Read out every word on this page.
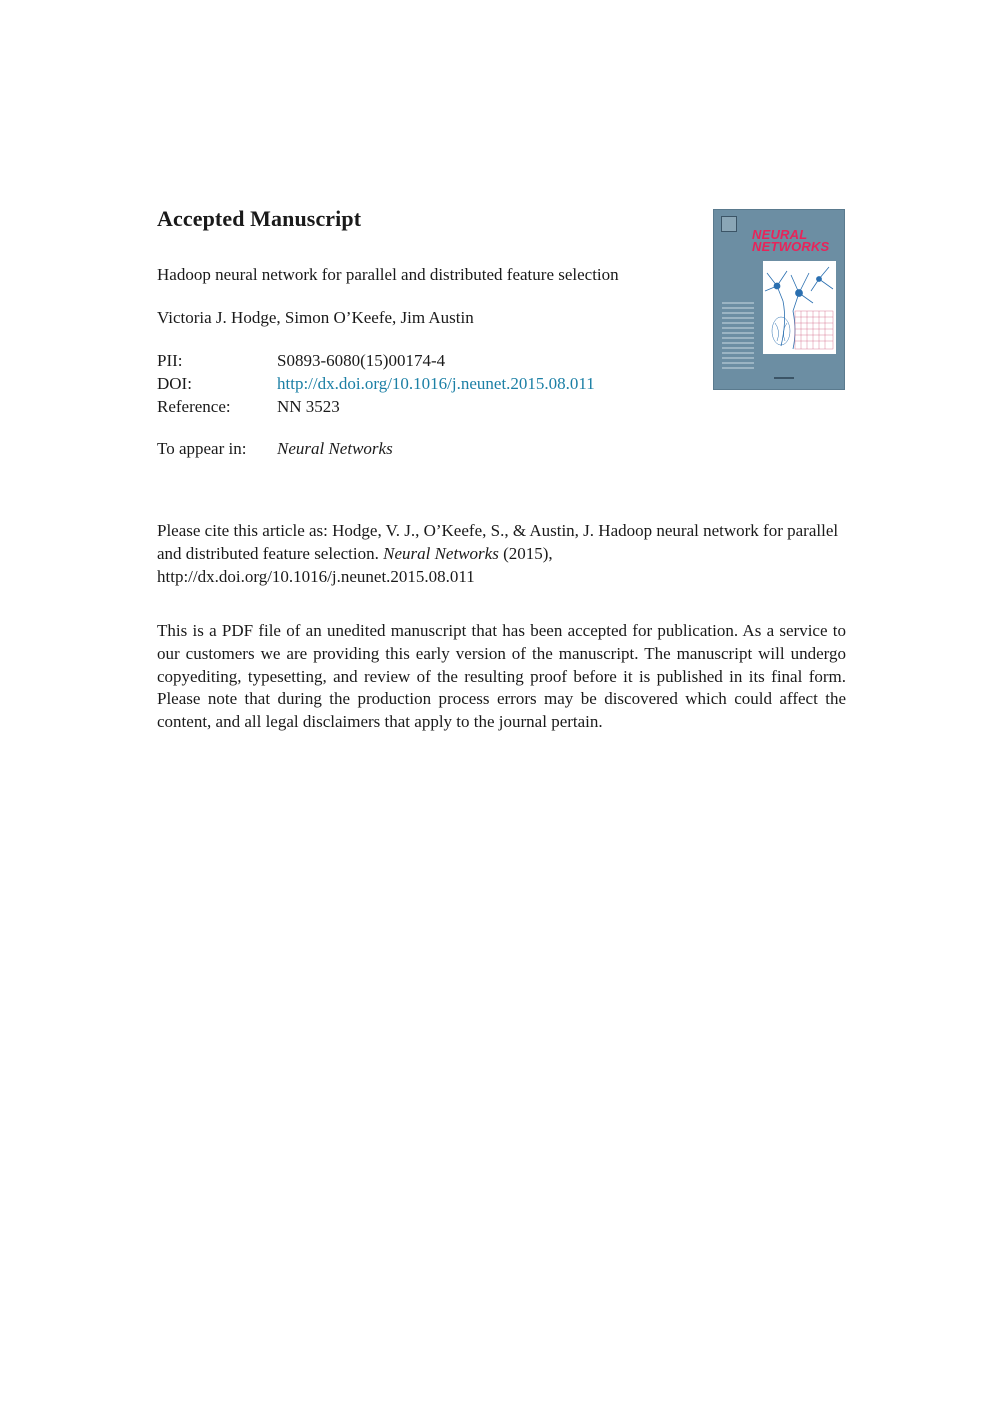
Accepted Manuscript
Hadoop neural network for parallel and distributed feature selection
Victoria J. Hodge, Simon O’Keefe, Jim Austin
PII:	S0893-6080(15)00174-4
DOI:	http://dx.doi.org/10.1016/j.neunet.2015.08.011
Reference:	NN 3523
To appear in: Neural Networks
Please cite this article as: Hodge, V. J., O’Keefe, S., & Austin, J. Hadoop neural network for parallel and distributed feature selection. Neural Networks (2015), http://dx.doi.org/10.1016/j.neunet.2015.08.011
This is a PDF file of an unedited manuscript that has been accepted for publication. As a service to our customers we are providing this early version of the manuscript. The manuscript will undergo copyediting, typesetting, and review of the resulting proof before it is published in its final form. Please note that during the production process errors may be discovered which could affect the content, and all legal disclaimers that apply to the journal pertain.
NEURAL
NETWORKS
